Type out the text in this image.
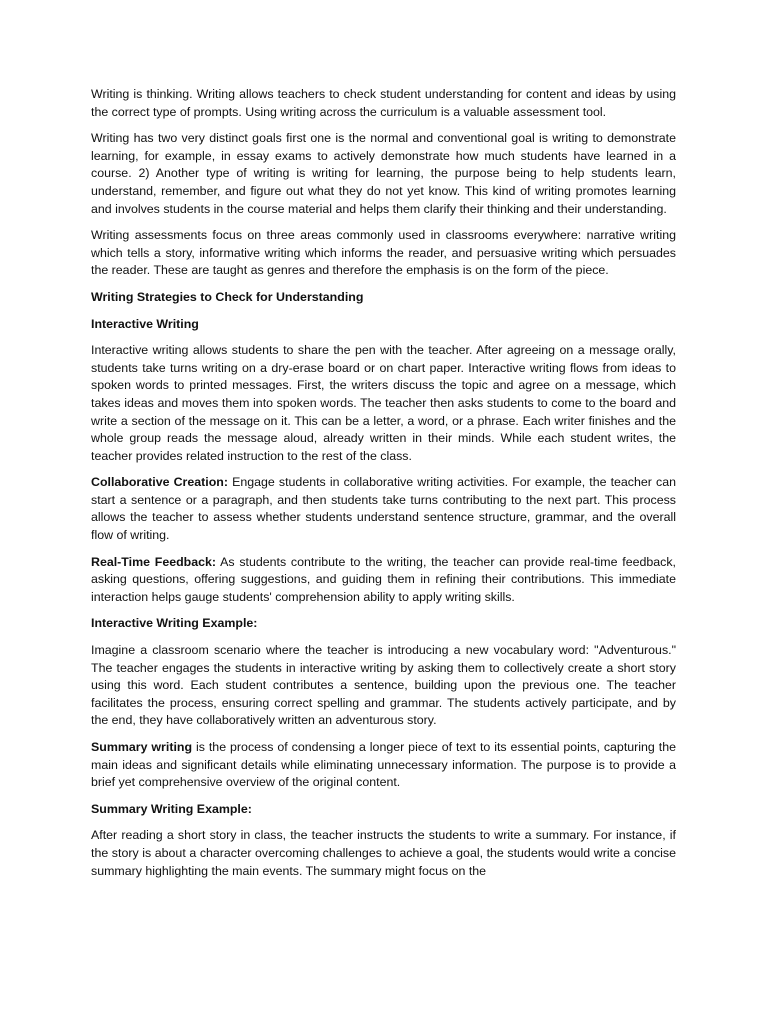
Writing is thinking. Writing allows teachers to check student understanding for content and ideas by using the correct type of prompts. Using writing across the curriculum is a valuable assessment tool.

Writing has two very distinct goals first one is the normal and conventional goal is writing to demonstrate learning, for example, in essay exams to actively demonstrate how much students have learned in a course. 2) Another type of writing is writing for learning, the purpose being to help students learn, understand, remember, and figure out what they do not yet know. This kind of writing promotes learning and involves students in the course material and helps them clarify their thinking and their understanding.

Writing assessments focus on three areas commonly used in classrooms everywhere: narrative writing which tells a story, informative writing which informs the reader, and persuasive writing which persuades the reader. These are taught as genres and therefore the emphasis is on the form of the piece.

Writing Strategies to Check for Understanding

Interactive Writing

Interactive writing allows students to share the pen with the teacher. After agreeing on a message orally, students take turns writing on a dry-erase board or on chart paper. Interactive writing flows from ideas to spoken words to printed messages. First, the writers discuss the topic and agree on a message, which takes ideas and moves them into spoken words. The teacher then asks students to come to the board and write a section of the message on it. This can be a letter, a word, or a phrase. Each writer finishes and the whole group reads the message aloud, already written in their minds. While each student writes, the teacher provides related instruction to the rest of the class.

Collaborative Creation: Engage students in collaborative writing activities. For example, the teacher can start a sentence or a paragraph, and then students take turns contributing to the next part. This process allows the teacher to assess whether students understand sentence structure, grammar, and the overall flow of writing.

Real-Time Feedback: As students contribute to the writing, the teacher can provide real-time feedback, asking questions, offering suggestions, and guiding them in refining their contributions. This immediate interaction helps gauge students' comprehension ability to apply writing skills.

Interactive Writing Example:

Imagine a classroom scenario where the teacher is introducing a new vocabulary word: "Adventurous." The teacher engages the students in interactive writing by asking them to collectively create a short story using this word. Each student contributes a sentence, building upon the previous one. The teacher facilitates the process, ensuring correct spelling and grammar. The students actively participate, and by the end, they have collaboratively written an adventurous story.

Summary writing is the process of condensing a longer piece of text to its essential points, capturing the main ideas and significant details while eliminating unnecessary information. The purpose is to provide a brief yet comprehensive overview of the original content.

Summary Writing Example:

After reading a short story in class, the teacher instructs the students to write a summary. For instance, if the story is about a character overcoming challenges to achieve a goal, the students would write a concise summary highlighting the main events. The summary might focus on the
